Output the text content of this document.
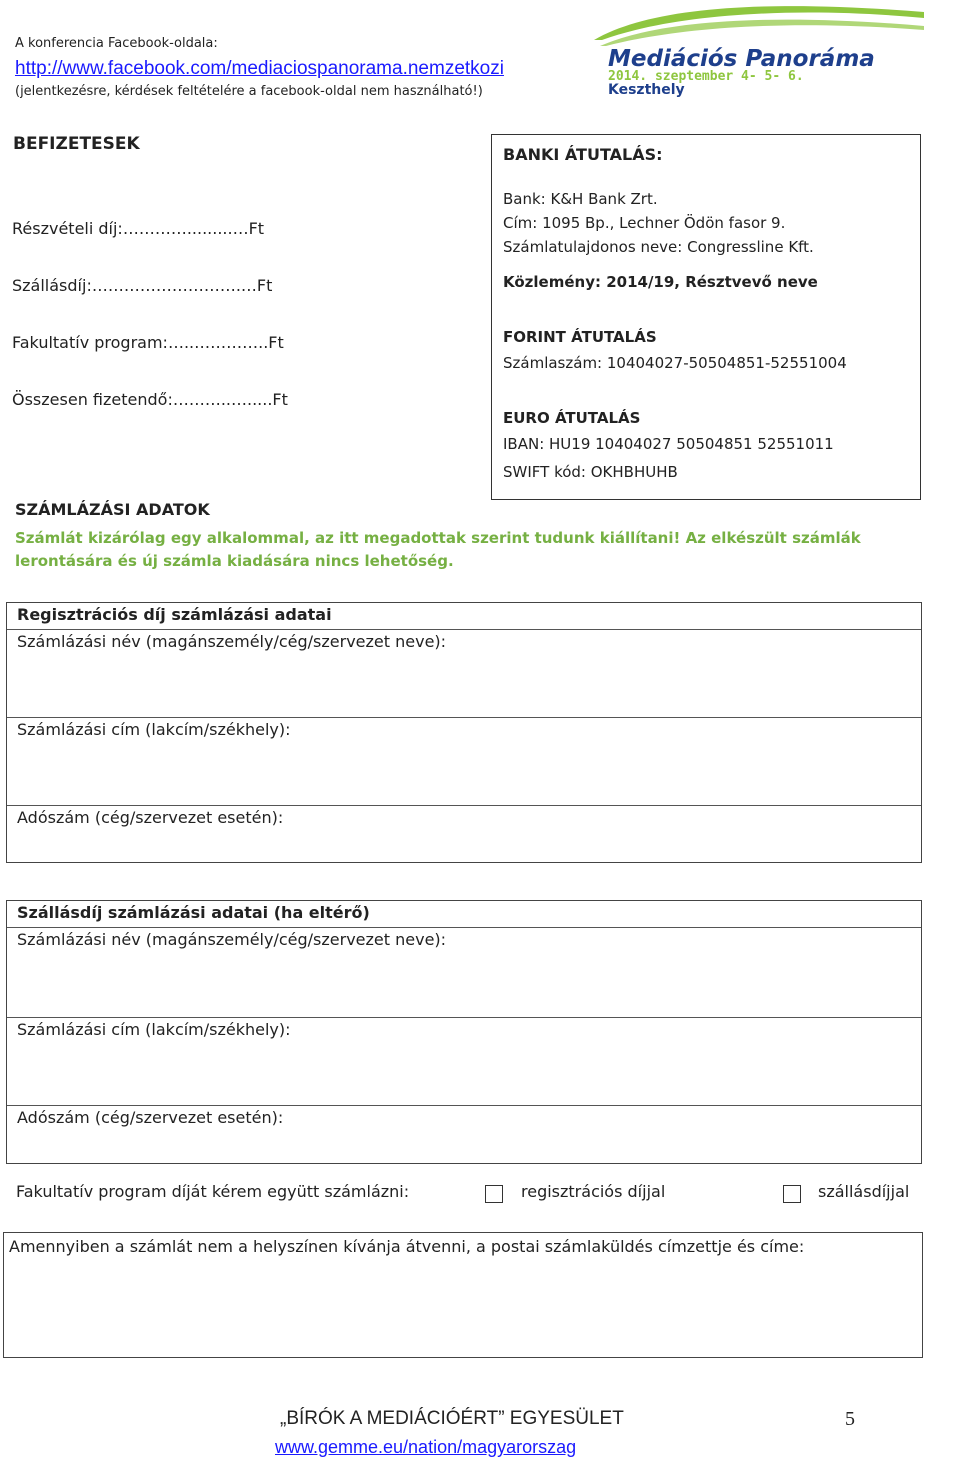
A konferencia Facebook-oldala:
http://www.facebook.com/mediaciospanorama.nemzetkozi
(jelentkezésre, kérdések feltételére a facebook-oldal nem használható!)
Mediációs Panoráma
2014. szeptember 4- 5- 6.
Keszthely
BEFIZETESEK
Részvételi díj:………….........…Ft
Szállásdíj:……………………….…Ft
Fakultatív program:…..…………..Ft
Összesen fizetendő:………..….....Ft
BANKI ÁTUTALÁS:
Bank: K&H Bank Zrt.
Cím: 1095 Bp., Lechner Ödön fasor 9.
Számlatulajdonos neve: Congressline Kft.
Közlemény: 2014/19, Résztvevő neve
FORINT ÁTUTALÁS
Számlaszám: 10404027-50504851-52551004
EURO ÁTUTALÁS
IBAN: HU19 10404027 50504851 52551011
SWIFT kód: OKHBHUHB
SZÁMLÁZÁSI ADATOK
Számlát kizárólag egy alkalommal, az itt megadottak szerint tudunk kiállítani! Az elkészült számlák lerontására és új számla kiadására nincs lehetőség.
Regisztrációs díj számlázási adatai
Számlázási név (magánszemély/cég/szervezet neve):
Számlázási cím (lakcím/székhely):
Adószám (cég/szervezet esetén):
Szállásdíj számlázási adatai (ha eltérő)
Számlázási név (magánszemély/cég/szervezet neve):
Számlázási cím (lakcím/székhely):
Adószám (cég/szervezet esetén):
Fakultatív program díját kérem együtt számlázni:	regisztrációs díjjal	szállásdíjjal
Amennyiben a számlát nem a helyszínen kívánja átvenni, a postai számlaküldés címzettje és címe:
„BÍRÓK A MEDIÁCIÓÉRT” EGYESÜLET
www.gemme.eu/nation/magyarorszag
5
